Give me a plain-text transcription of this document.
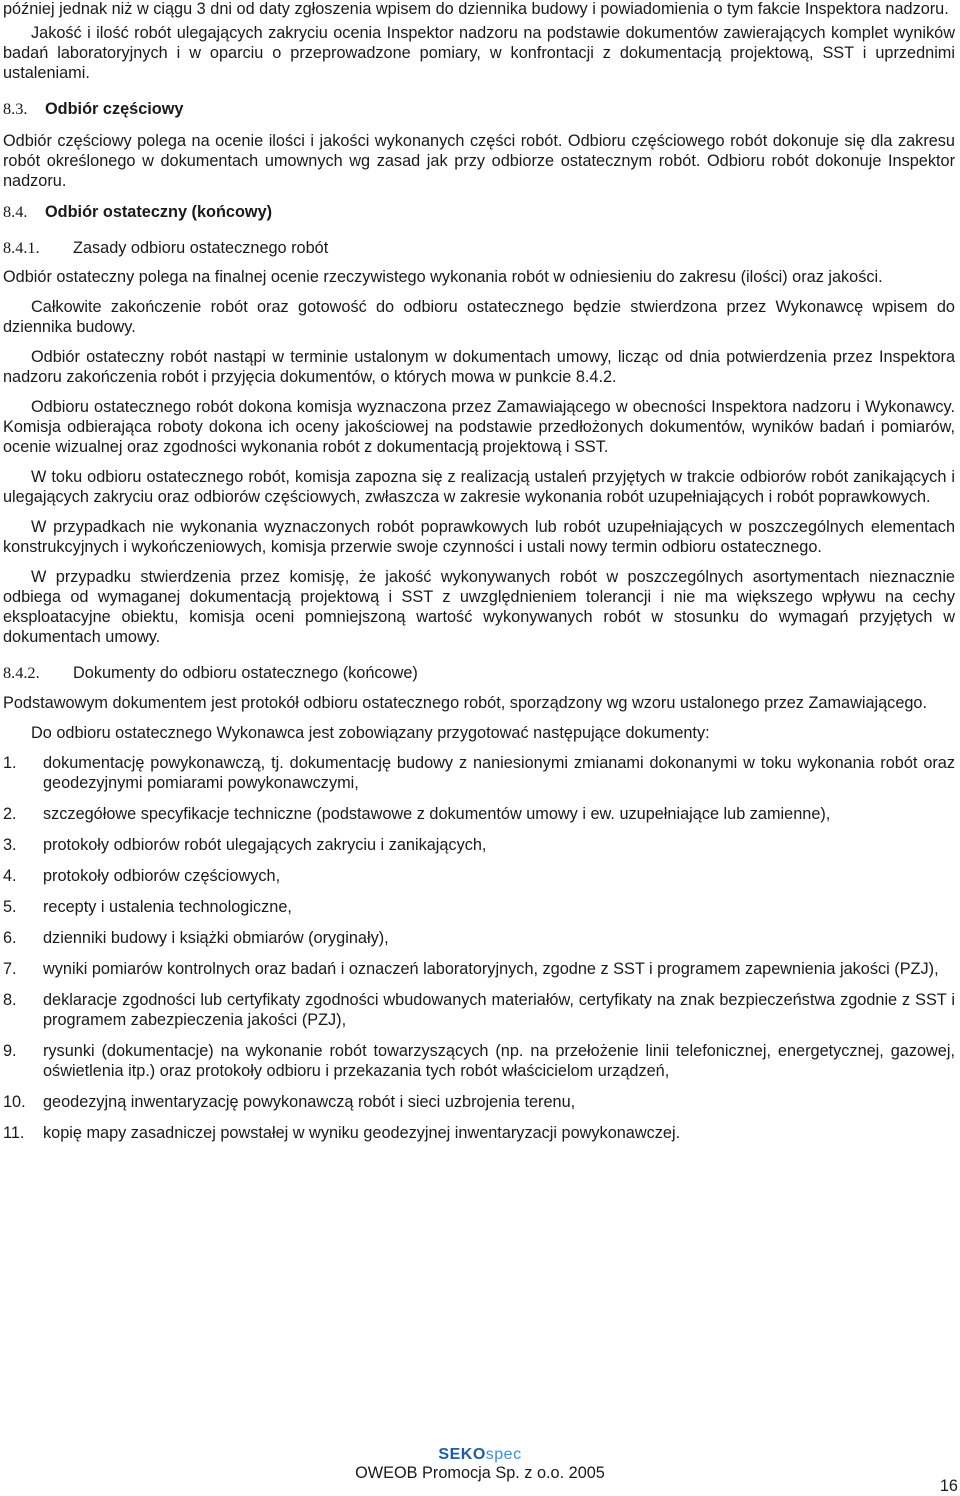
później jednak niż w ciągu 3 dni od daty zgłoszenia wpisem do dziennika budowy i powiadomienia o tym fakcie Inspektora nadzoru.

Jakość i ilość robót ulegających zakryciu ocenia Inspektor nadzoru na podstawie dokumentów zawierających komplet wyników badań laboratoryjnych i w oparciu o przeprowadzone pomiary, w konfrontacji z dokumentacją projektową, SST i uprzednimi ustaleniami.

8.3.	Odbiór częściowy

Odbiór częściowy polega na ocenie ilości i jakości wykonanych części robót. Odbioru częściowego robót dokonuje się dla zakresu robót określonego w dokumentach umownych wg zasad jak przy odbiorze ostatecznym robót. Odbioru robót dokonuje Inspektor nadzoru.

8.4.	Odbiór ostateczny (końcowy)
8.4.1.	Zasady odbioru ostatecznego robót

Odbiór ostateczny polega na finalnej ocenie rzeczywistego wykonania robót w odniesieniu do zakresu (ilości) oraz jakości.

Całkowite zakończenie robót oraz gotowość do odbioru ostatecznego będzie stwierdzona przez Wykonawcę wpisem do dziennika budowy.

Odbiór ostateczny robót nastąpi w terminie ustalonym w dokumentach umowy, licząc od dnia potwierdzenia przez Inspektora nadzoru zakończenia robót i przyjęcia dokumentów, o których mowa w punkcie 8.4.2.

Odbioru ostatecznego robót dokona komisja wyznaczona przez Zamawiającego w obecności Inspektora nadzoru i Wykonawcy. Komisja odbierająca roboty dokona ich oceny jakościowej na podstawie przedłożonych dokumentów, wyników badań i pomiarów, ocenie wizualnej oraz zgodności wykonania robót z dokumentacją projektową i SST.

W toku odbioru ostatecznego robót, komisja zapozna się z realizacją ustaleń przyjętych w trakcie odbiorów robót zanikających i ulegających zakryciu oraz odbiorów częściowych, zwłaszcza w zakresie wykonania robót uzupełniających i robót poprawkowych.

W przypadkach nie wykonania wyznaczonych robót poprawkowych lub robót uzupełniających w poszczególnych elementach konstrukcyjnych i wykończeniowych, komisja przerwie swoje czynności i ustali nowy termin odbioru ostatecznego.

W przypadku stwierdzenia przez komisję, że jakość wykonywanych robót w poszczególnych asortymentach nieznacznie odbiega od wymaganej dokumentacją projektową i SST z uwzględnieniem tolerancji i nie ma większego wpływu na cechy eksploatacyjne obiektu, komisja oceni pomniejszoną wartość wykonywanych robót w stosunku do wymagań przyjętych w dokumentach umowy.

8.4.2.	Dokumenty do odbioru ostatecznego (końcowe)

Podstawowym dokumentem jest protokół odbioru ostatecznego robót, sporządzony wg wzoru ustalonego przez Zamawiającego.

Do odbioru ostatecznego Wykonawca jest zobowiązany przygotować następujące dokumenty:

1.	dokumentację powykonawczą, tj. dokumentację budowy z naniesionymi zmianami dokonanymi w toku wykonania robót oraz geodezyjnymi pomiarami powykonawczymi,
2.	szczegółowe specyfikacje techniczne (podstawowe z dokumentów umowy i ew. uzupełniające lub zamienne),
3.	protokoły odbiorów robót ulegających zakryciu i zanikających,
4.	protokoły odbiorów częściowych,
5.	recepty i ustalenia technologiczne,
6.	dzienniki budowy i książki obmiarów (oryginały),
7.	wyniki pomiarów kontrolnych oraz badań i oznaczeń laboratoryjnych, zgodne z SST i programem zapewnienia jakości (PZJ),
8.	deklaracje zgodności lub certyfikaty zgodności wbudowanych materiałów, certyfikaty na znak bezpieczeństwa zgodnie z SST i programem zabezpieczenia jakości (PZJ),
9.	rysunki (dokumentacje) na wykonanie robót towarzyszących (np. na przełożenie linii telefonicznej, energetycznej, gazowej, oświetlenia itp.) oraz protokoły odbioru i przekazania tych robót właścicielom urządzeń,
10.	geodezyjną inwentaryzację powykonawczą robót i sieci uzbrojenia terenu,
11.	kopię mapy zasadniczej powstałej w wyniku geodezyjnej inwentaryzacji powykonawczej.
SEKOspec
OWEOB Promocja Sp. z o.o. 2005
16
